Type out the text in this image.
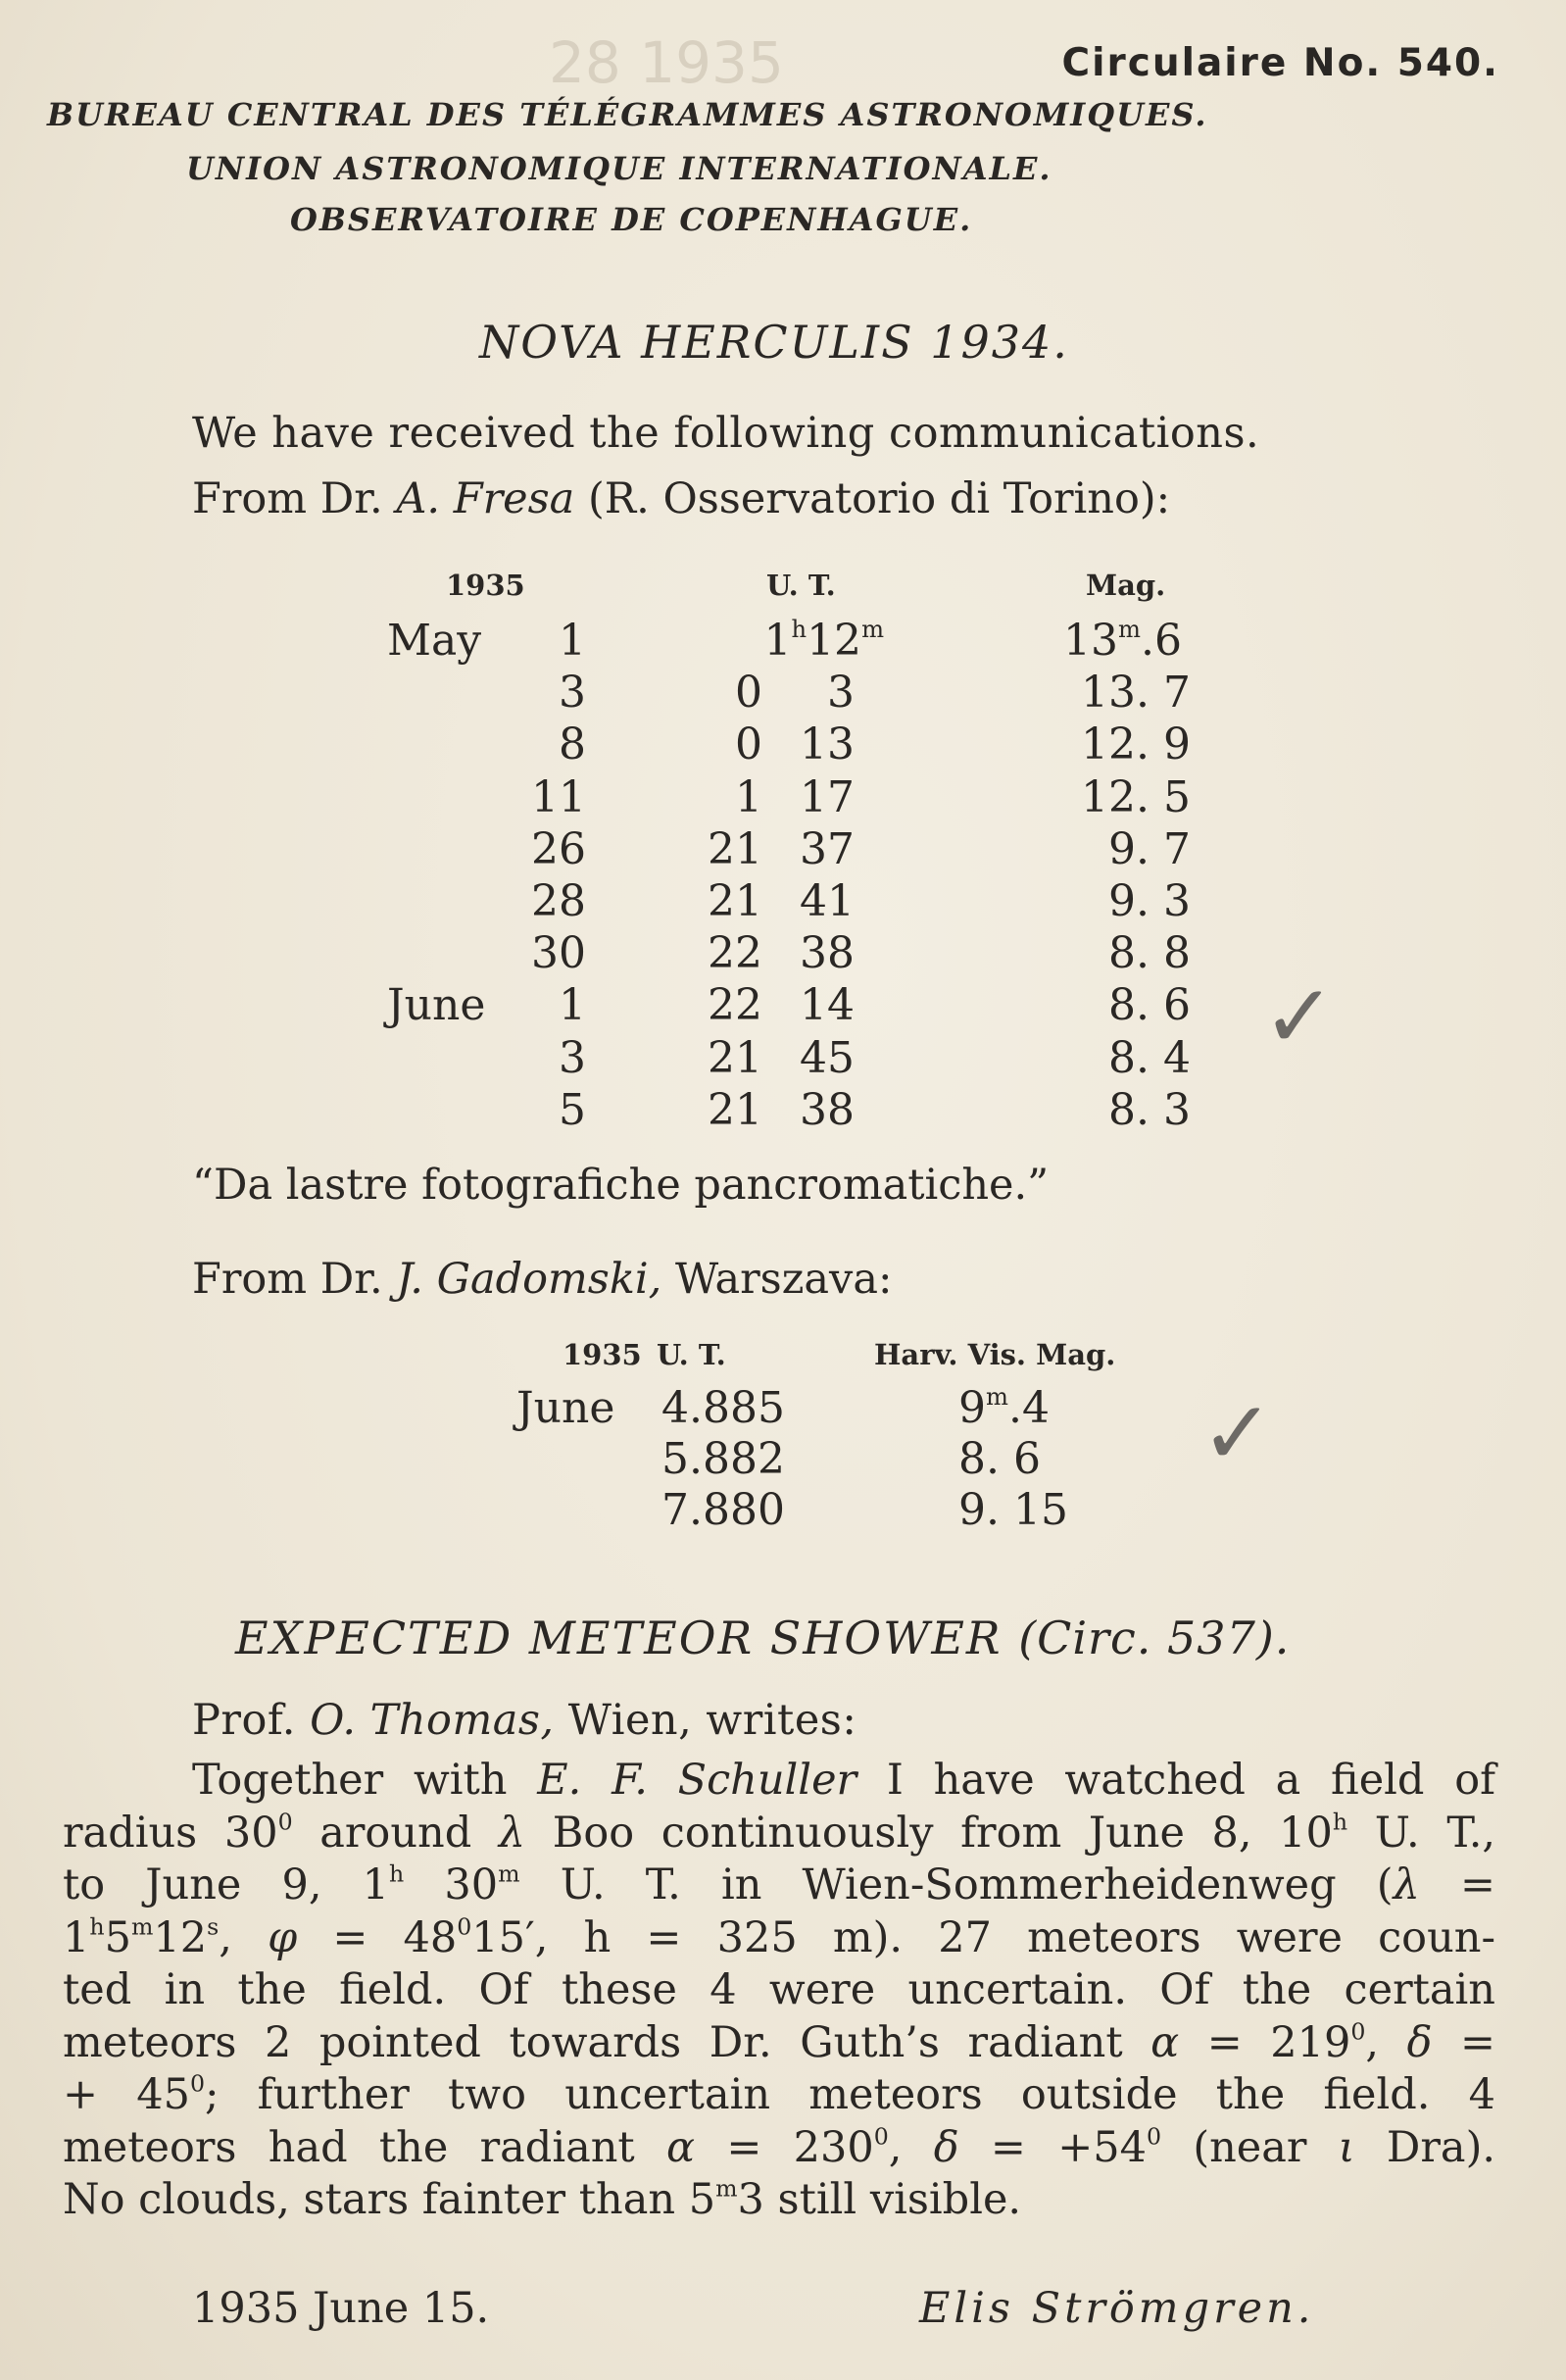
28 1935	Circulaire No. 540.
BUREAU CENTRAL DES TÉLÉGRAMMES ASTRONOMIQUES.
UNION ASTRONOMIQUE INTERNATIONALE.
OBSERVATOIRE DE COPENHAGUE.
NOVA HERCULIS 1934.
We have received the following communications.
From Dr. A. Fresa (R. Osservatorio di Torino):
1935	U. T.	Mag.
May 1	1$^h$12$^m$	13$^m$.6
3	0 3	13. 7
8	0 13	12. 9
11	1 17	12. 5
26	21 37	9. 7
28	21 41	9. 3
30	22 38	8. 8
June 1	22 14	8. 6
3	21 45	8. 4
5	21 38	8. 3
✓
“Da lastre fotografiche pancromatiche.”
From Dr. J. Gadomski, Warszava:
1935 U. T.	Harv. Vis. Mag.
June 4.885	9$^m$.4
5.882	8. 6
7.880	9. 15
✓
EXPECTED METEOR SHOWER (Circ. 537).
Prof. O. Thomas, Wien, writes:
Together with E. F. Schuller I have watched a field of
radius $30^0$ around λ Boo continuously from June 8, 10$^h$ U. T.,
to June 9, 1$^h$ 30$^m$ U. T. in Wien-Sommerheidenweg (λ =
$1^h5^m12^s$, $\varphi = 48^015'$, h = 325 m). 27 meteors were coun-
ted in the field. Of these 4 were uncertain. Of the certain
meteors 2 pointed towards Dr. Guth’s radiant $\alpha = 219^0$, δ =
+ $45^0$; further two uncertain meteors outside the field. 4
meteors had the radiant $\alpha = 230^0$, $\delta = +54^0$ (near ι Dra).
No clouds, stars fainter than 5$^m$3 still visible.
1935 June 15.	Elis Strömgren.
